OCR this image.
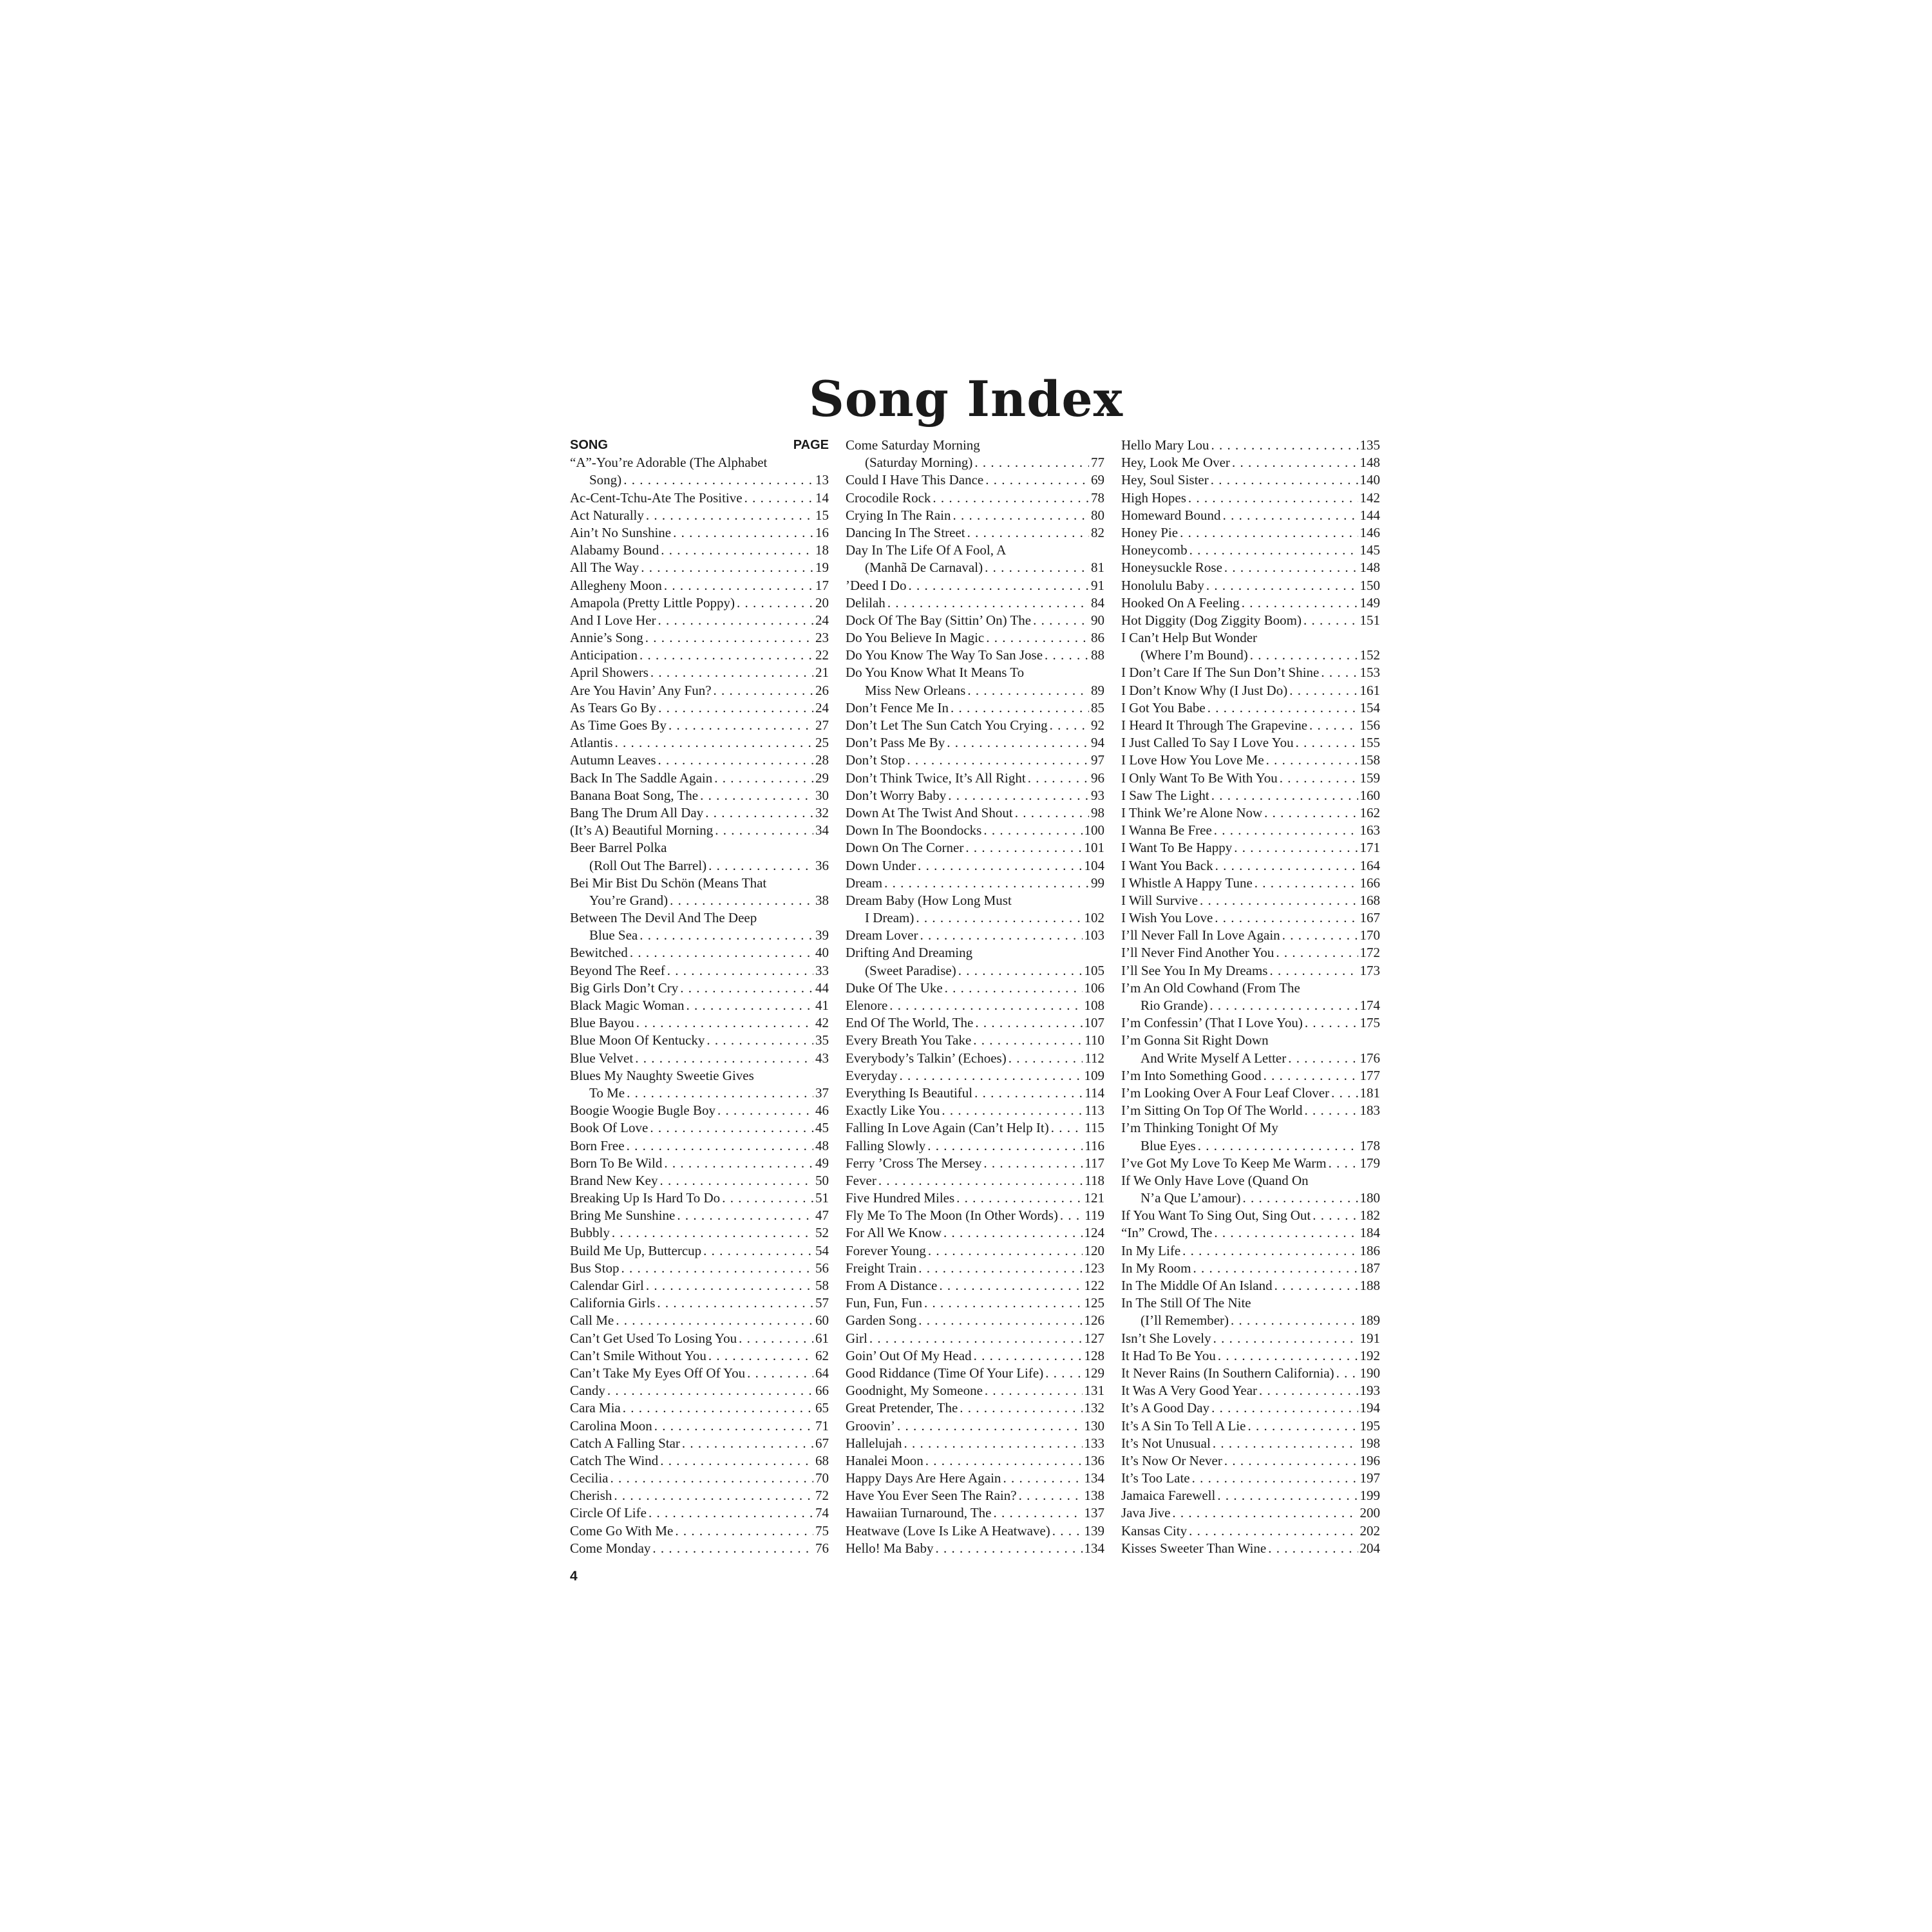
Song Index
SONG	PAGE
“A”-You’re Adorable (The Alphabet
Song) . . .	13
Ac-Cent-Tchu-Ate The Positive . . .	14
Act Naturally . . .	15
Ain’t No Sunshine . . .	16
Alabamy Bound . . .	18
All The Way . . .	19
Allegheny Moon . . .	17
Amapola (Pretty Little Poppy) . . .	20
And I Love Her . . .	24
Annie’s Song . . .	23
Anticipation . . .	22
April Showers . . .	21
Are You Havin’ Any Fun? . . .	26
As Tears Go By . . .	24
As Time Goes By . . .	27
Atlantis . . .	25
Autumn Leaves . . .	28
Back In The Saddle Again . . .	29
Banana Boat Song, The . . .	30
Bang The Drum All Day . . .	32
(It’s A) Beautiful Morning . . .	34
Beer Barrel Polka
(Roll Out The Barrel) . . .	36
Bei Mir Bist Du Schön (Means That
You’re Grand) . . .	38
Between The Devil And The Deep
Blue Sea . . .	39
Bewitched . . .	40
Beyond The Reef . . .	33
Big Girls Don’t Cry . . .	44
Black Magic Woman . . .	41
Blue Bayou . . .	42
Blue Moon Of Kentucky . . .	35
Blue Velvet . . .	43
Blues My Naughty Sweetie Gives
To Me . . .	37
Boogie Woogie Bugle Boy . . .	46
Book Of Love . . .	45
Born Free . . .	48
Born To Be Wild . . .	49
Brand New Key . . .	50
Breaking Up Is Hard To Do . . .	51
Bring Me Sunshine . . .	47
Bubbly . . .	52
Build Me Up, Buttercup . . .	54
Bus Stop . . .	56
Calendar Girl . . .	58
California Girls . . .	57
Call Me . . .	60
Can’t Get Used To Losing You . . .	61
Can’t Smile Without You . . .	62
Can’t Take My Eyes Off Of You . . .	64
Candy . . .	66
Cara Mia . . .	65
Carolina Moon . . .	71
Catch A Falling Star . . .	67
Catch The Wind . . .	68
Cecilia . . .	70
Cherish . . .	72
Circle Of Life . . .	74
Come Go With Me . . .	75
Come Monday . . .	76
Come Saturday Morning
(Saturday Morning) . . .	77
Could I Have This Dance . . .	69
Crocodile Rock . . .	78
Crying In The Rain . . .	80
Dancing In The Street . . .	82
Day In The Life Of A Fool, A
(Manhã De Carnaval) . . .	81
’Deed I Do . . .	91
Delilah . . .	84
Dock Of The Bay (Sittin’ On) The . . .	90
Do You Believe In Magic . . .	86
Do You Know The Way To San Jose . . .	88
Do You Know What It Means To
Miss New Orleans . . .	89
Don’t Fence Me In . . .	85
Don’t Let The Sun Catch You Crying . . .	92
Don’t Pass Me By . . .	94
Don’t Stop . . .	97
Don’t Think Twice, It’s All Right . . .	96
Don’t Worry Baby . . .	93
Down At The Twist And Shout . . .	98
Down In The Boondocks . . .	100
Down On The Corner . . .	101
Down Under . . .	104
Dream . . .	99
Dream Baby (How Long Must
I Dream) . . .	102
Dream Lover . . .	103
Drifting And Dreaming
(Sweet Paradise) . . .	105
Duke Of The Uke . . .	106
Elenore . . .	108
End Of The World, The . . .	107
Every Breath You Take . . .	110
Everybody’s Talkin’ (Echoes) . . .	112
Everyday . . .	109
Everything Is Beautiful . . .	114
Exactly Like You . . .	113
Falling In Love Again (Can’t Help It) . . .	115
Falling Slowly . . .	116
Ferry ’Cross The Mersey . . .	117
Fever . . .	118
Five Hundred Miles . . .	121
Fly Me To The Moon (In Other Words) . . . 119
For All We Know . . .	124
Forever Young . . .	120
Freight Train . . .	123
From A Distance . . .	122
Fun, Fun, Fun . . .	125
Garden Song . . .	126
Girl . . .	127
Goin’ Out Of My Head . . .	128
Good Riddance (Time Of Your Life) . . .	129
Goodnight, My Someone . . .	131
Great Pretender, The . . .	132
Groovin’ . . .	130
Hallelujah . . .	133
Hanalei Moon . . .	136
Happy Days Are Here Again . . .	134
Have You Ever Seen The Rain? . . .	138
Hawaiian Turnaround, The . . .	137
Heatwave (Love Is Like A Heatwave) . . .	139
Hello! Ma Baby . . .	134
Hello Mary Lou . . .	135
Hey, Look Me Over . . .	148
Hey, Soul Sister . . .	140
High Hopes . . .	142
Homeward Bound . . .	144
Honey Pie . . .	146
Honeycomb . . .	145
Honeysuckle Rose . . .	148
Honolulu Baby . . .	150
Hooked On A Feeling . . .	149
Hot Diggity (Dog Ziggity Boom) . . .	151
I Can’t Help But Wonder
(Where I’m Bound) . . .	152
I Don’t Care If The Sun Don’t Shine . . .	153
I Don’t Know Why (I Just Do) . . .	161
I Got You Babe . . .	154
I Heard It Through The Grapevine . . .	156
I Just Called To Say I Love You . . .	155
I Love How You Love Me . . .	158
I Only Want To Be With You . . .	159
I Saw The Light . . .	160
I Think We’re Alone Now . . .	162
I Wanna Be Free . . .	163
I Want To Be Happy . . .	171
I Want You Back . . .	164
I Whistle A Happy Tune . . .	166
I Will Survive . . .	168
I Wish You Love . . .	167
I’ll Never Fall In Love Again . . .	170
I’ll Never Find Another You . . .	172
I’ll See You In My Dreams . . .	173
I’m An Old Cowhand (From The
Rio Grande) . . .	174
I’m Confessin’ (That I Love You) . . .	175
I’m Gonna Sit Right Down
And Write Myself A Letter . . .	176
I’m Into Something Good . . .	177
I’m Looking Over A Four Leaf Clover . . . 181
I’m Sitting On Top Of The World . . .	183
I’m Thinking Tonight Of My
Blue Eyes . . .	178
I’ve Got My Love To Keep Me Warm . . . 179
If We Only Have Love (Quand On
N’a Que L’amour) . . .	180
If You Want To Sing Out, Sing Out . . .	182
“In” Crowd, The . . .	184
In My Life . . .	186
In My Room . . .	187
In The Middle Of An Island . . .	188
In The Still Of The Nite
(I’ll Remember) . . .	189
Isn’t She Lovely . . .	191
It Had To Be You . . .	192
It Never Rains (In Southern California) . . . 190
It Was A Very Good Year . . .	193
It’s A Good Day . . .	194
It’s A Sin To Tell A Lie . . .	195
It’s Not Unusual . . .	198
It’s Now Or Never . . .	196
It’s Too Late . . .	197
Jamaica Farewell . . .	199
Java Jive . . .	200
Kansas City . . .	202
Kisses Sweeter Than Wine . . .	204

4
